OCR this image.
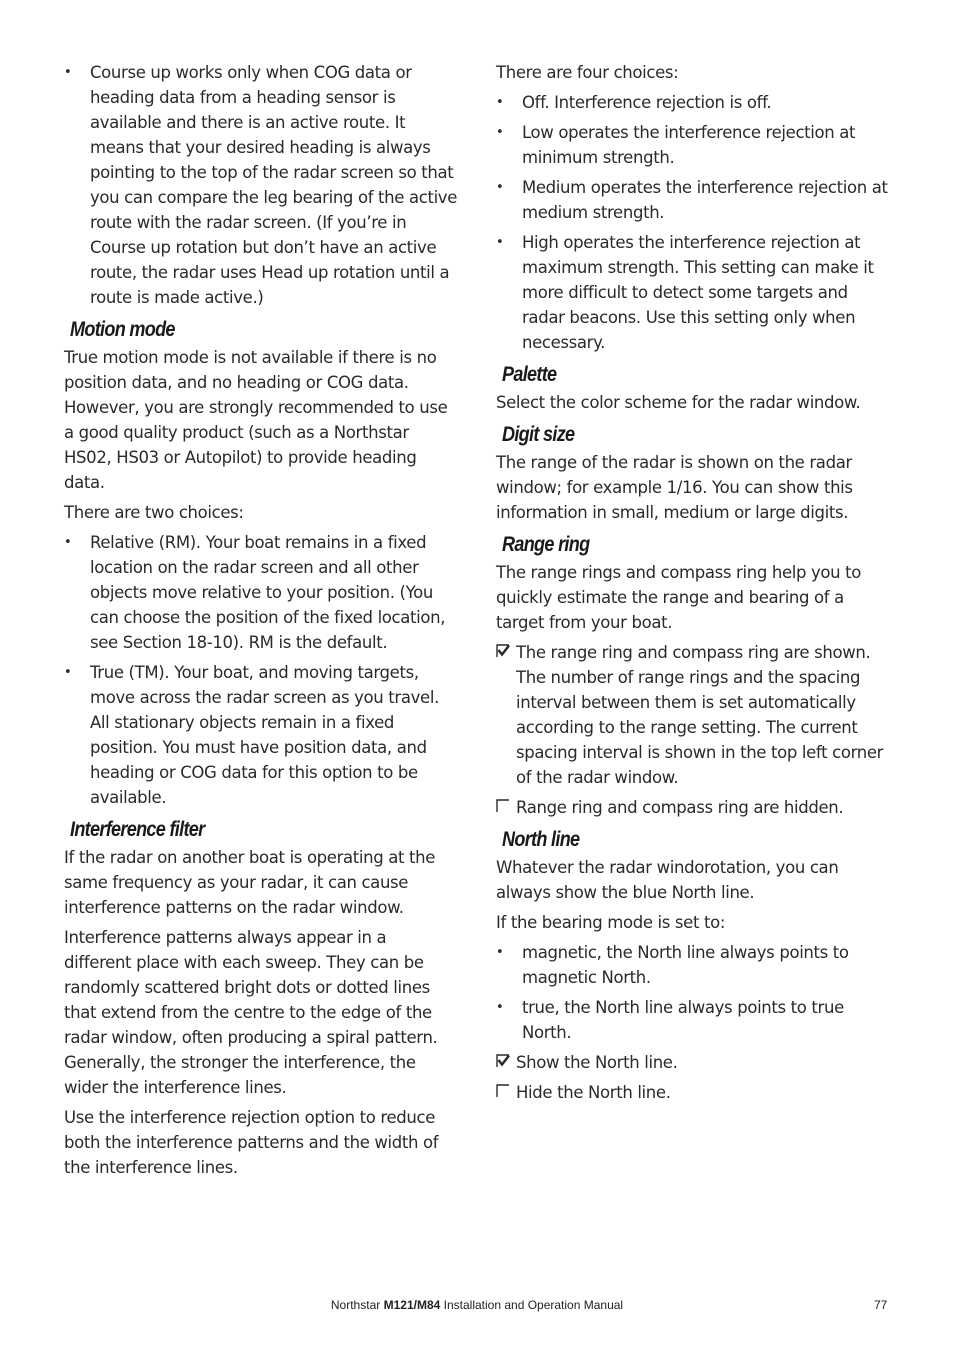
• Course up works only when COG data or heading data from a heading sensor is available and there is an active route. It means that your desired heading is always pointing to the top of the radar screen so that you can compare the leg bearing of the active route with the radar screen. (If you’re in Course up rotation but don’t have an active route, the radar uses Head up rotation until a route is made active.)
Motion mode

True motion mode is not available if there is no position data, and no heading or COG data. However, you are strongly recommended to use a good quality product (such as a Northstar HS02, HS03 or Autopilot) to provide heading data.

There are two choices:

• Relative (RM). Your boat remains in a fixed location on the radar screen and all other objects move relative to your position. (You can choose the position of the fixed location, see Section 18-10). RM is the default.
• True (TM). Your boat, and moving targets, move across the radar screen as you travel. All stationary objects remain in a fixed position. You must have position data, and heading or COG data for this option to be available.
Interference filter

If the radar on another boat is operating at the same frequency as your radar, it can cause interference patterns on the radar window.

Interference patterns always appear in a different place with each sweep. They can be randomly scattered bright dots or dotted lines that extend from the centre to the edge of the radar window, often producing a spiral pattern. Generally, the stronger the interference, the wider the interference lines.

Use the interference rejection option to reduce both the interference patterns and the width of the interference lines.

There are four choices:

• Off. Interference rejection is off.
• Low operates the interference rejection at minimum strength.
• Medium operates the interference rejection at medium strength.
• High operates the interference rejection at maximum strength. This setting can make it more difficult to detect some targets and radar beacons. Use this setting only when necessary.
Palette

Select the color scheme for the radar window.

Digit size

The range of the radar is shown on the radar window; for example 1/16. You can show this information in small, medium or large digits.

Range ring

The range rings and compass ring help you to quickly estimate the range and bearing of a target from your boat.

The range ring and compass ring are shown. The number of range rings and the spacing interval between them is set automatically according to the range setting. The current spacing interval is shown in the top left corner of the radar window.

Range ring and compass ring are hidden.

North line

Whatever the radar windorotation, you can always show the blue North line.

If the bearing mode is set to:

• magnetic, the North line always points to magnetic North.
• true, the North line always points to true North.

Show the North line.

Hide the North line.

Northstar M121/M84 Installation and Operation Manual	77
